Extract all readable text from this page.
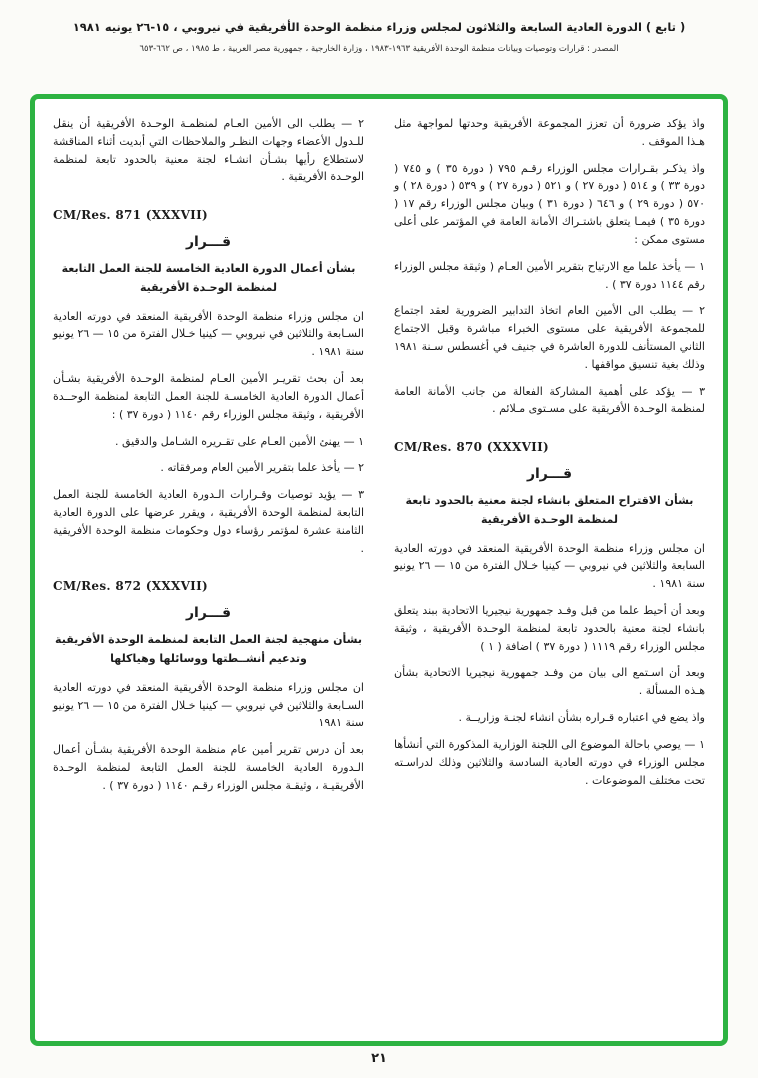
( تابع ) الدورة العادية السابعة والثلاثون لمجلس وزراء منظمة الوحدة الأفريقية في نيروبي ، ١٥-٢٦ يونيه ١٩٨١
المصدر : قرارات وتوصيات وبيانات منظمة الوحدة الأفريقية ١٩٦٣-١٩٨٣ ، وزارة الخارجية ، جمهورية مصر العربية ، ط ١٩٨٥ ، ص ٦٦٢-٦٥٣

واذ يؤكد ضرورة أن تعزز المجموعة الأفريقية وحدتها لمواجهة مثل هـذا الموقف .

واذ يذكـر بقـرارات مجلس الوزراء رقـم ٧٩٥ ( دورة ٣٥ ) و ٧٤٥ ( دورة ٣٣ ) و ٥١٤ ( دورة ٢٧ ) و ٥٢١ ( دورة ٢٧ ) و ٥٣٩ ( دورة ٢٨ ) و ٥٧٠ ( دورة ٢٩ ) و ٦٤٦ ( دورة ٣١ ) وبيان مجلس الوزراء رقم ١٧ ( دورة ٣٥ ) فيمـا يتعلق باشتـراك الأمانة العامة في المؤتمر على أعلى مستوى ممكن :

١ — يأخذ علما مع الارتياح بتقرير الأمين العـام ( وثيقة مجلس الوزراء رقم ١١٤٤ دورة ٣٧ ) .

٢ — يطلب الى الأمين العام اتخاذ التدابير الضرورية لعقد اجتماع للمجموعة الأفريقية على مستوى الخبراء مباشرة وقبل الاجتماع الثاني المستأنف للدورة العاشرة في جنيف في أغسطس سـنة ١٩٨١ وذلك بغية تنسيق مواقفها .

٣ — يؤكد على أهمية المشاركة الفعالة من جانب الأمانة العامة لمنظمة الوحـدة الأفريقية على مسـتوى مـلائم .

CM/Res. 870 (XXXVII)
قـــرار
بشأن الاقتراح المتعلق بانشاء لجنة معنية بالحدود تابعة لمنظمة الوحـدة الأفريقية

ان مجلس وزراء منظمة الوحدة الأفريقية المنعقد في دورته العادية السابعة والثلاثين في نيروبي — كينيا خـلال الفترة من ١٥ — ٢٦ يونيو سنة ١٩٨١ .

وبعد أن أحيط علما من قبل وفـد جمهورية نيجيريا الاتحادية ببند يتعلق بانشاء لجنة معنية بالحدود تابعة لمنظمة الوحـدة الأفريقية ، وثيقة مجلس الوزراء رقم ١١١٩ ( دورة ٣٧ ) اضافة ( ١ )

وبعد أن اسـتمع الى بيان من وفـد جمهورية نيجيريا الاتحادية بشأن هـذه المسألة .

واذ يضع في اعتباره قـراره بشأن انشاء لجنـة وزاريــة .

١ — يوصي باحالة الموضوع الى اللجنة الوزارية المذكورة التي أنشأها مجلس الوزراء في دورته العادية السادسة والثلاثين وذلك لدراسـته تحت مختلف الموضوعات .

٢ — يطلب الى الأمين العـام لمنظمـة الوحـدة الأفريقية أن ينقل للـدول الأعضاء وجهات النظـر والملاحظات التي أبديت أثناء المناقشة لاستطلاع رأيها بشـأن انشـاء لجنة معنية بالحدود تابعة لمنظمة الوحـدة الأفريقية .

CM/Res. 871 (XXXVII)
قـــرار
بشأن أعمال الدورة العادية الخامسة للجنة العمل التابعة لمنظمة الوحـدة الأفريقية

ان مجلس وزراء منظمة الوحدة الأفريقية المنعقد في دورته العادية السـابعة والثلاثين في نيروبي — كينيا خـلال الفترة من ١٥ — ٢٦ يونيو سنة ١٩٨١ .

بعد أن بحث تقريـر الأمين العـام لمنظمة الوحـدة الأفريقية بشـأن أعمال الدورة العادية الخامسـة للجنة العمل التابعة لمنظمة الوحــدة الأفريقية ، وثيقة مجلس الوزراء رقم ١١٤٠ ( دورة ٣٧ ) :

١ — يهنئ الأمين العـام على تقـريره الشـامل والدقيق .

٢ — يأخذ علما بتقرير الأمين العام ومرفقاته .

٣ — يؤيد توصيات وقـرارات الـدورة العادية الخامسة للجنة العمل التابعة لمنظمة الوحدة الأفريقية ، ويقرر عرضها على الدورة العادية الثامنة عشرة لمؤتمر رؤساء دول وحكومات منظمة الوحدة الأفريقية .

CM/Res. 872 (XXXVII)
قـــرار
بشأن منهجية لجنة العمل التابعة لمنظمة الوحدة الأفريقية وتدعيم أنشــطتها ووسائلها وهياكلها

ان مجلس وزراء منظمة الوحدة الأفريقية المنعقد في دورته العادية السـابعة والثلاثين في نيروبي — كينيا خـلال الفترة من ١٥ — ٢٦ يونيو سنة ١٩٨١

بعد أن درس تقرير أمين عام منظمة الوحدة الأفريقية بشـأن أعمال الـدورة العادية الخامسة للجنة العمل التابعة لمنظمة الوحـدة الأفريقيـة ، وثيقـة مجلس الوزراء رقـم ١١٤٠ ( دورة ٣٧ ) .

٢١
